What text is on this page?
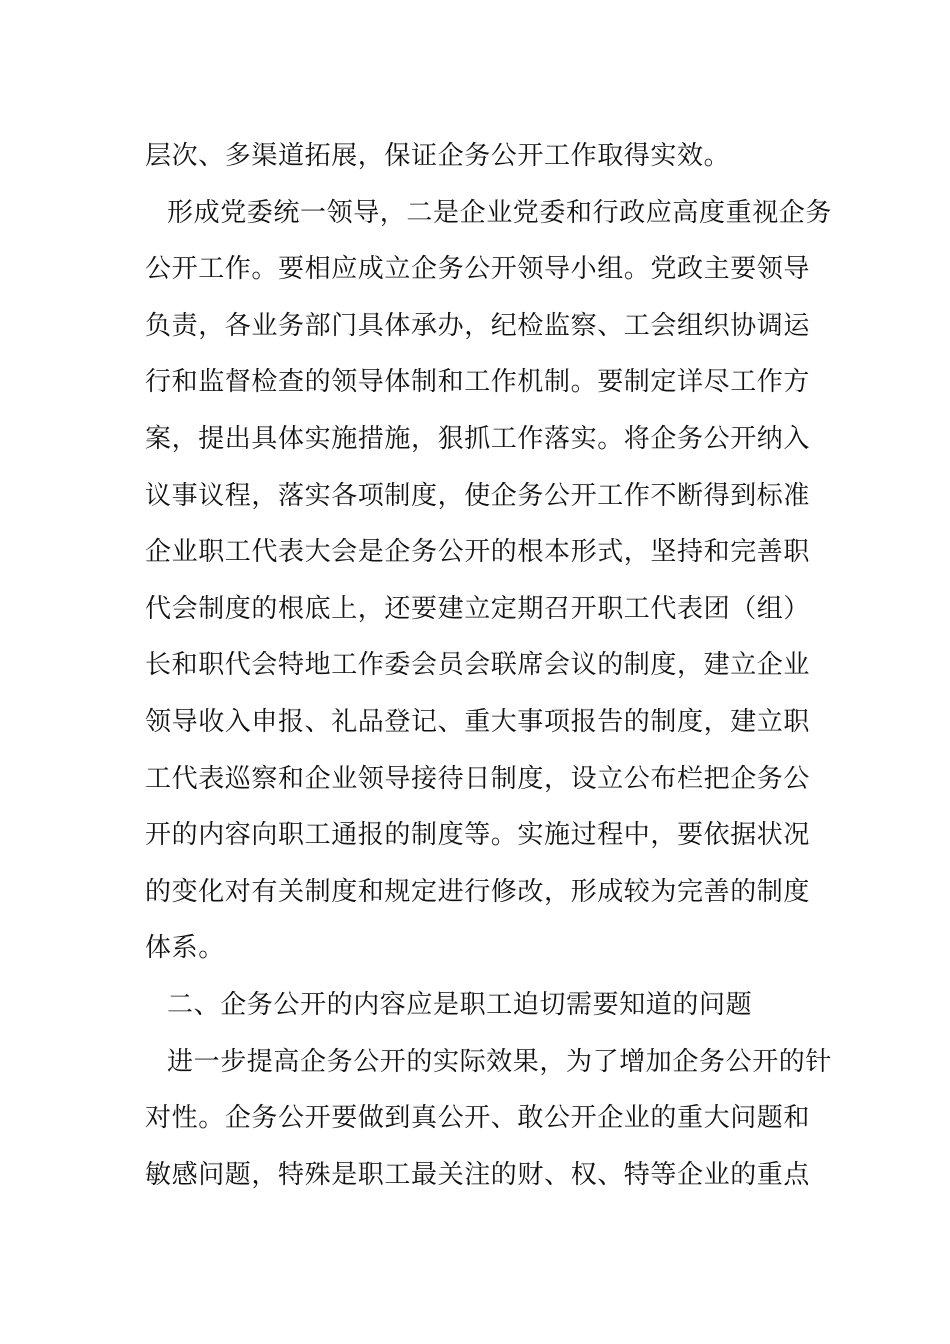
层次、多渠道拓展，保证企务公开工作取得实效。
形成党委统一领导，二是企业党委和行政应高度重视企务
公开工作。要相应成立企务公开领导小组。党政主要领导
负责，各业务部门具体承办，纪检监察、工会组织协调运
行和监督检查的领导体制和工作机制。要制定详尽工作方
案，提出具体实施措施，狠抓工作落实。将企务公开纳入
议事议程，落实各项制度，使企务公开工作不断得到标准
企业职工代表大会是企务公开的根本形式，坚持和完善职
代会制度的根底上，还要建立定期召开职工代表团（组）
长和职代会特地工作委会员会联席会议的制度，建立企业
领导收入申报、礼品登记、重大事项报告的制度，建立职
工代表巡察和企业领导接待日制度，设立公布栏把企务公
开的内容向职工通报的制度等。实施过程中，要依据状况
的变化对有关制度和规定进行修改，形成较为完善的制度
体系。
二、企务公开的内容应是职工迫切需要知道的问题
进一步提高企务公开的实际效果，为了增加企务公开的针
对性。企务公开要做到真公开、敢公开企业的重大问题和
敏感问题，特殊是职工最关注的财、权、特等企业的重点
